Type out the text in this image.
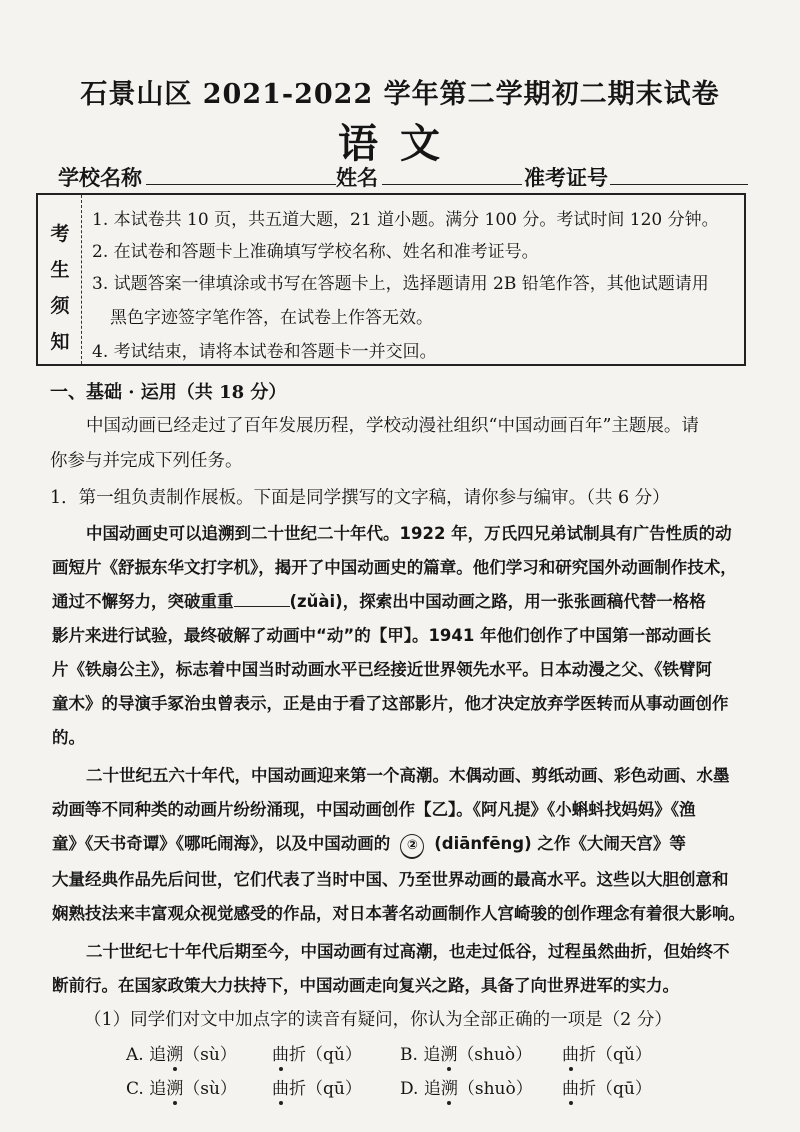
石景山区 2021-2022 学年第二学期初二期末试卷
语文
学校名称	姓名	准考证号
考
生
须
知
1. 本试卷共 10 页，共五道大题，21 道小题。满分 100 分。考试时间 120 分钟。
2. 在试卷和答题卡上准确填写学校名称、姓名和准考证号。
3. 试题答案一律填涂或书写在答题卡上，选择题请用 2B 铅笔作答，其他试题请用
黑色字迹签字笔作答，在试卷上作答无效。
4. 考试结束，请将本试卷和答题卡一并交回。
一、基础 · 运用（共 18 分）
中国动画已经走过了百年发展历程，学校动漫社组织“中国动画百年”主题展。请
你参与并完成下列任务。
1．第一组负责制作展板。下面是同学撰写的文字稿，请你参与编审。（共 6 分）
中国动画史可以追溯到二十世纪二十年代。1922 年，万氏四兄弟试制具有广告性质的动
画短片《舒振东华文打字机》，揭开了中国动画史的篇章。他们学习和研究国外动画制作技术，
通过不懈努力，突破重重	(zǔài)，探索出中国动画之路，用一张张画稿代替一格格
影片来进行试验，最终破解了动画中“动”的【甲】。1941 年他们创作了中国第一部动画长
片《铁扇公主》，标志着中国当时动画水平已经接近世界领先水平。日本动漫之父、《铁臂阿
童木》的导演手冢治虫曾表示，正是由于看了这部影片，他才决定放弃学医转而从事动画创作
的。
二十世纪五六十年代，中国动画迎来第一个高潮。木偶动画、剪纸动画、彩色动画、水墨
动画等不同种类的动画片纷纷涌现，中国动画创作【乙】。《阿凡提》《小蝌蚪找妈妈》《渔
童》《天书奇谭》《哪吒闹海》，以及中国动画的 ② (diānfēng) 之作《大闹天宫》等
大量经典作品先后问世，它们代表了当时中国、乃至世界动画的最高水平。这些以大胆创意和
娴熟技法来丰富观众视觉感受的作品，对日本著名动画制作人宫崎骏的创作理念有着很大影响。
二十世纪七十年代后期至今，中国动画有过高潮，也走过低谷，过程虽然曲折，但始终不
断前行。在国家政策大力扶持下，中国动画走向复兴之路，具备了向世界进军的实力。
（1）同学们对文中加点字的读音有疑问，你认为全部正确的一项是（2 分）
A. 追溯（sù） 曲折（qǔ） B. 追溯（shuò） 曲折（qǔ）
C. 追溯（sù） 曲折（qū） D. 追溯（shuò） 曲折（qū）
